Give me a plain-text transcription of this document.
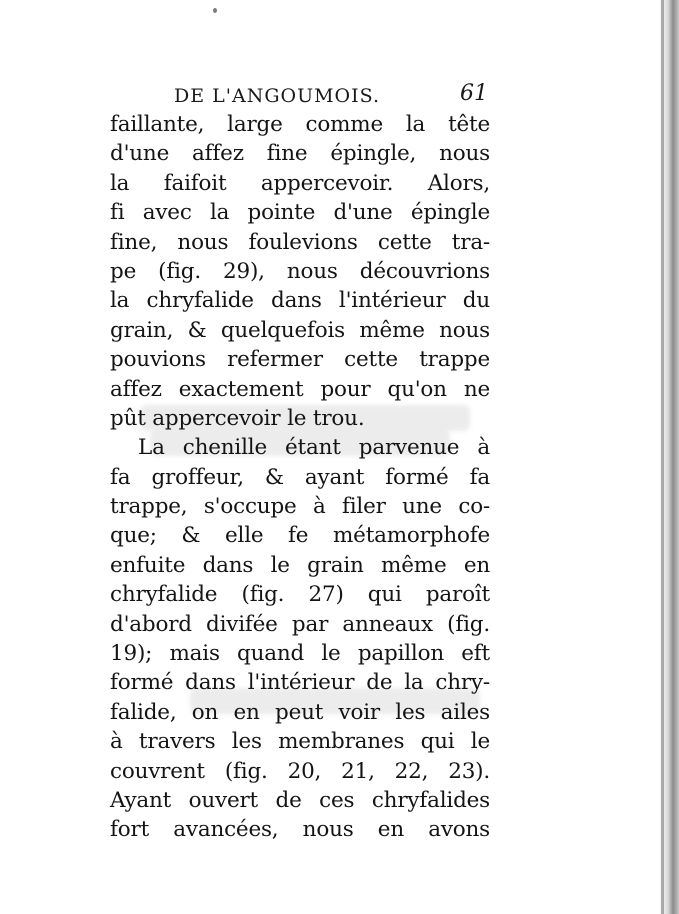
DE L'ANGOUMOIS.	61
faillante, large comme la tête
d'une affez fine épingle, nous
la faifoit appercevoir. Alors,
fi avec la pointe d'une épingle
fine, nous foulevions cette tra-
pe (fig. 29), nous découvrions
la chryfalide dans l'intérieur du
grain, & quelquefois même nous
pouvions refermer cette trappe
affez exactement pour qu'on ne
pût appercevoir le trou.
La chenille étant parvenue à
fa groffeur, & ayant formé fa
trappe, s'occupe à filer une co-
que; & elle fe métamorphofe
enfuite dans le grain même en
chryfalide (fig. 27) qui paroît
d'abord divifée par anneaux (fig.
19); mais quand le papillon eft
formé dans l'intérieur de la chry-
falide, on en peut voir les ailes
à travers les membranes qui le
couvrent (fig. 20, 21, 22, 23).
Ayant ouvert de ces chryfalides
fort avancées, nous en avons
